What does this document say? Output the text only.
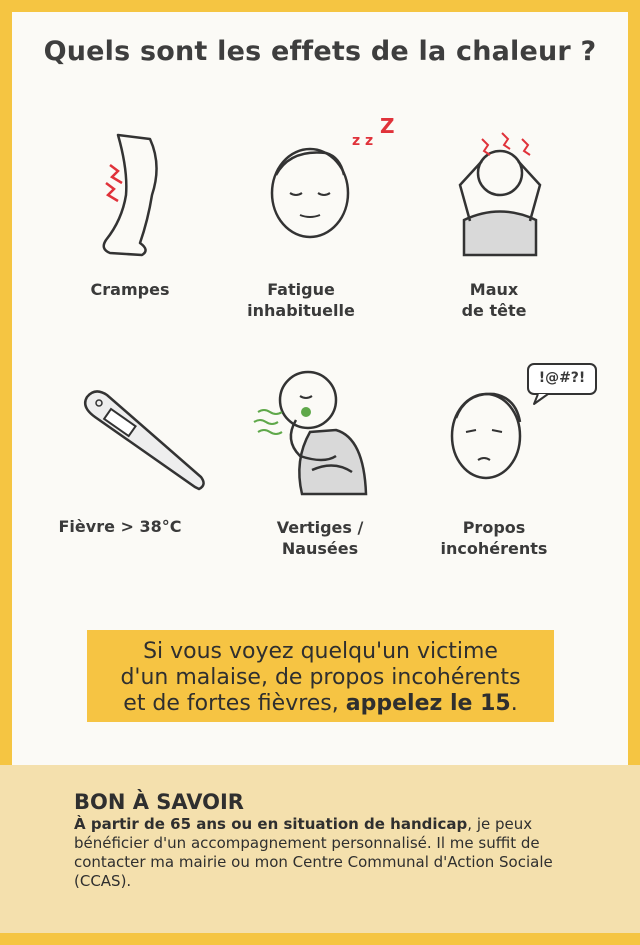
Quels sont les effets de la chaleur ?
Crampes
z z
Z
Fatigue
inhabituelle
Maux
de tête
Fièvre > 38°C	Vertiges /
Nausées
!@#?!
Propos
incohérents
Si vous voyez quelqu'un victime
d'un malaise, de propos incohérents
et de fortes fièvres, appelez le 15.
BON À SAVOIR
À partir de 65 ans ou en situation de handicap, je peux bénéficier d'un accompagnement personnalisé. Il me suffit de contacter ma mairie ou mon Centre Communal d'Action Sociale (CCAS).
